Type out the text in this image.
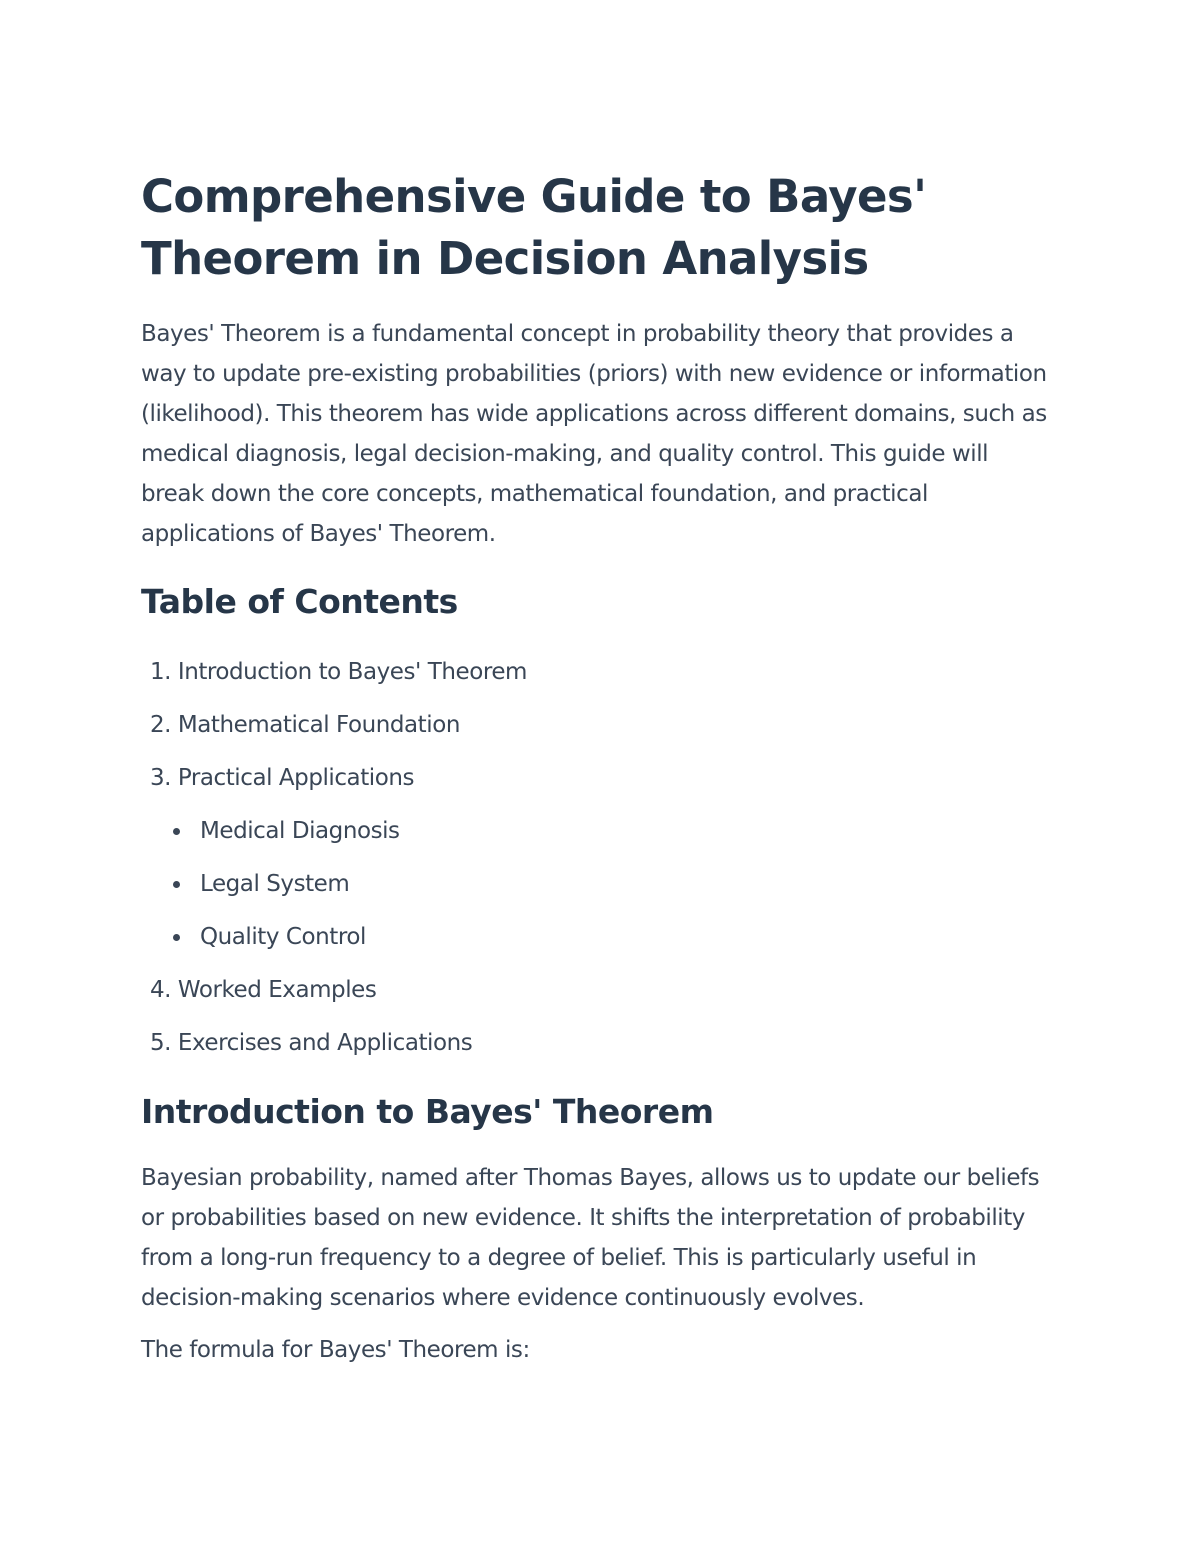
Comprehensive Guide to Bayes' Theorem in Decision Analysis

Bayes' Theorem is a fundamental concept in probability theory that provides a way to update pre-existing probabilities (priors) with new evidence or information (likelihood). This theorem has wide applications across different domains, such as medical diagnosis, legal decision-making, and quality control. This guide will break down the core concepts, mathematical foundation, and practical applications of Bayes' Theorem.

Table of Contents
1. Introduction to Bayes' Theorem
2. Mathematical Foundation
3. Practical Applications
Medical Diagnosis
Legal System
Quality Control
4. Worked Examples
5. Exercises and Applications
Introduction to Bayes' Theorem

Bayesian probability, named after Thomas Bayes, allows us to update our beliefs or probabilities based on new evidence. It shifts the interpretation of probability from a long-run frequency to a degree of belief. This is particularly useful in decision-making scenarios where evidence continuously evolves.

The formula for Bayes' Theorem is:
